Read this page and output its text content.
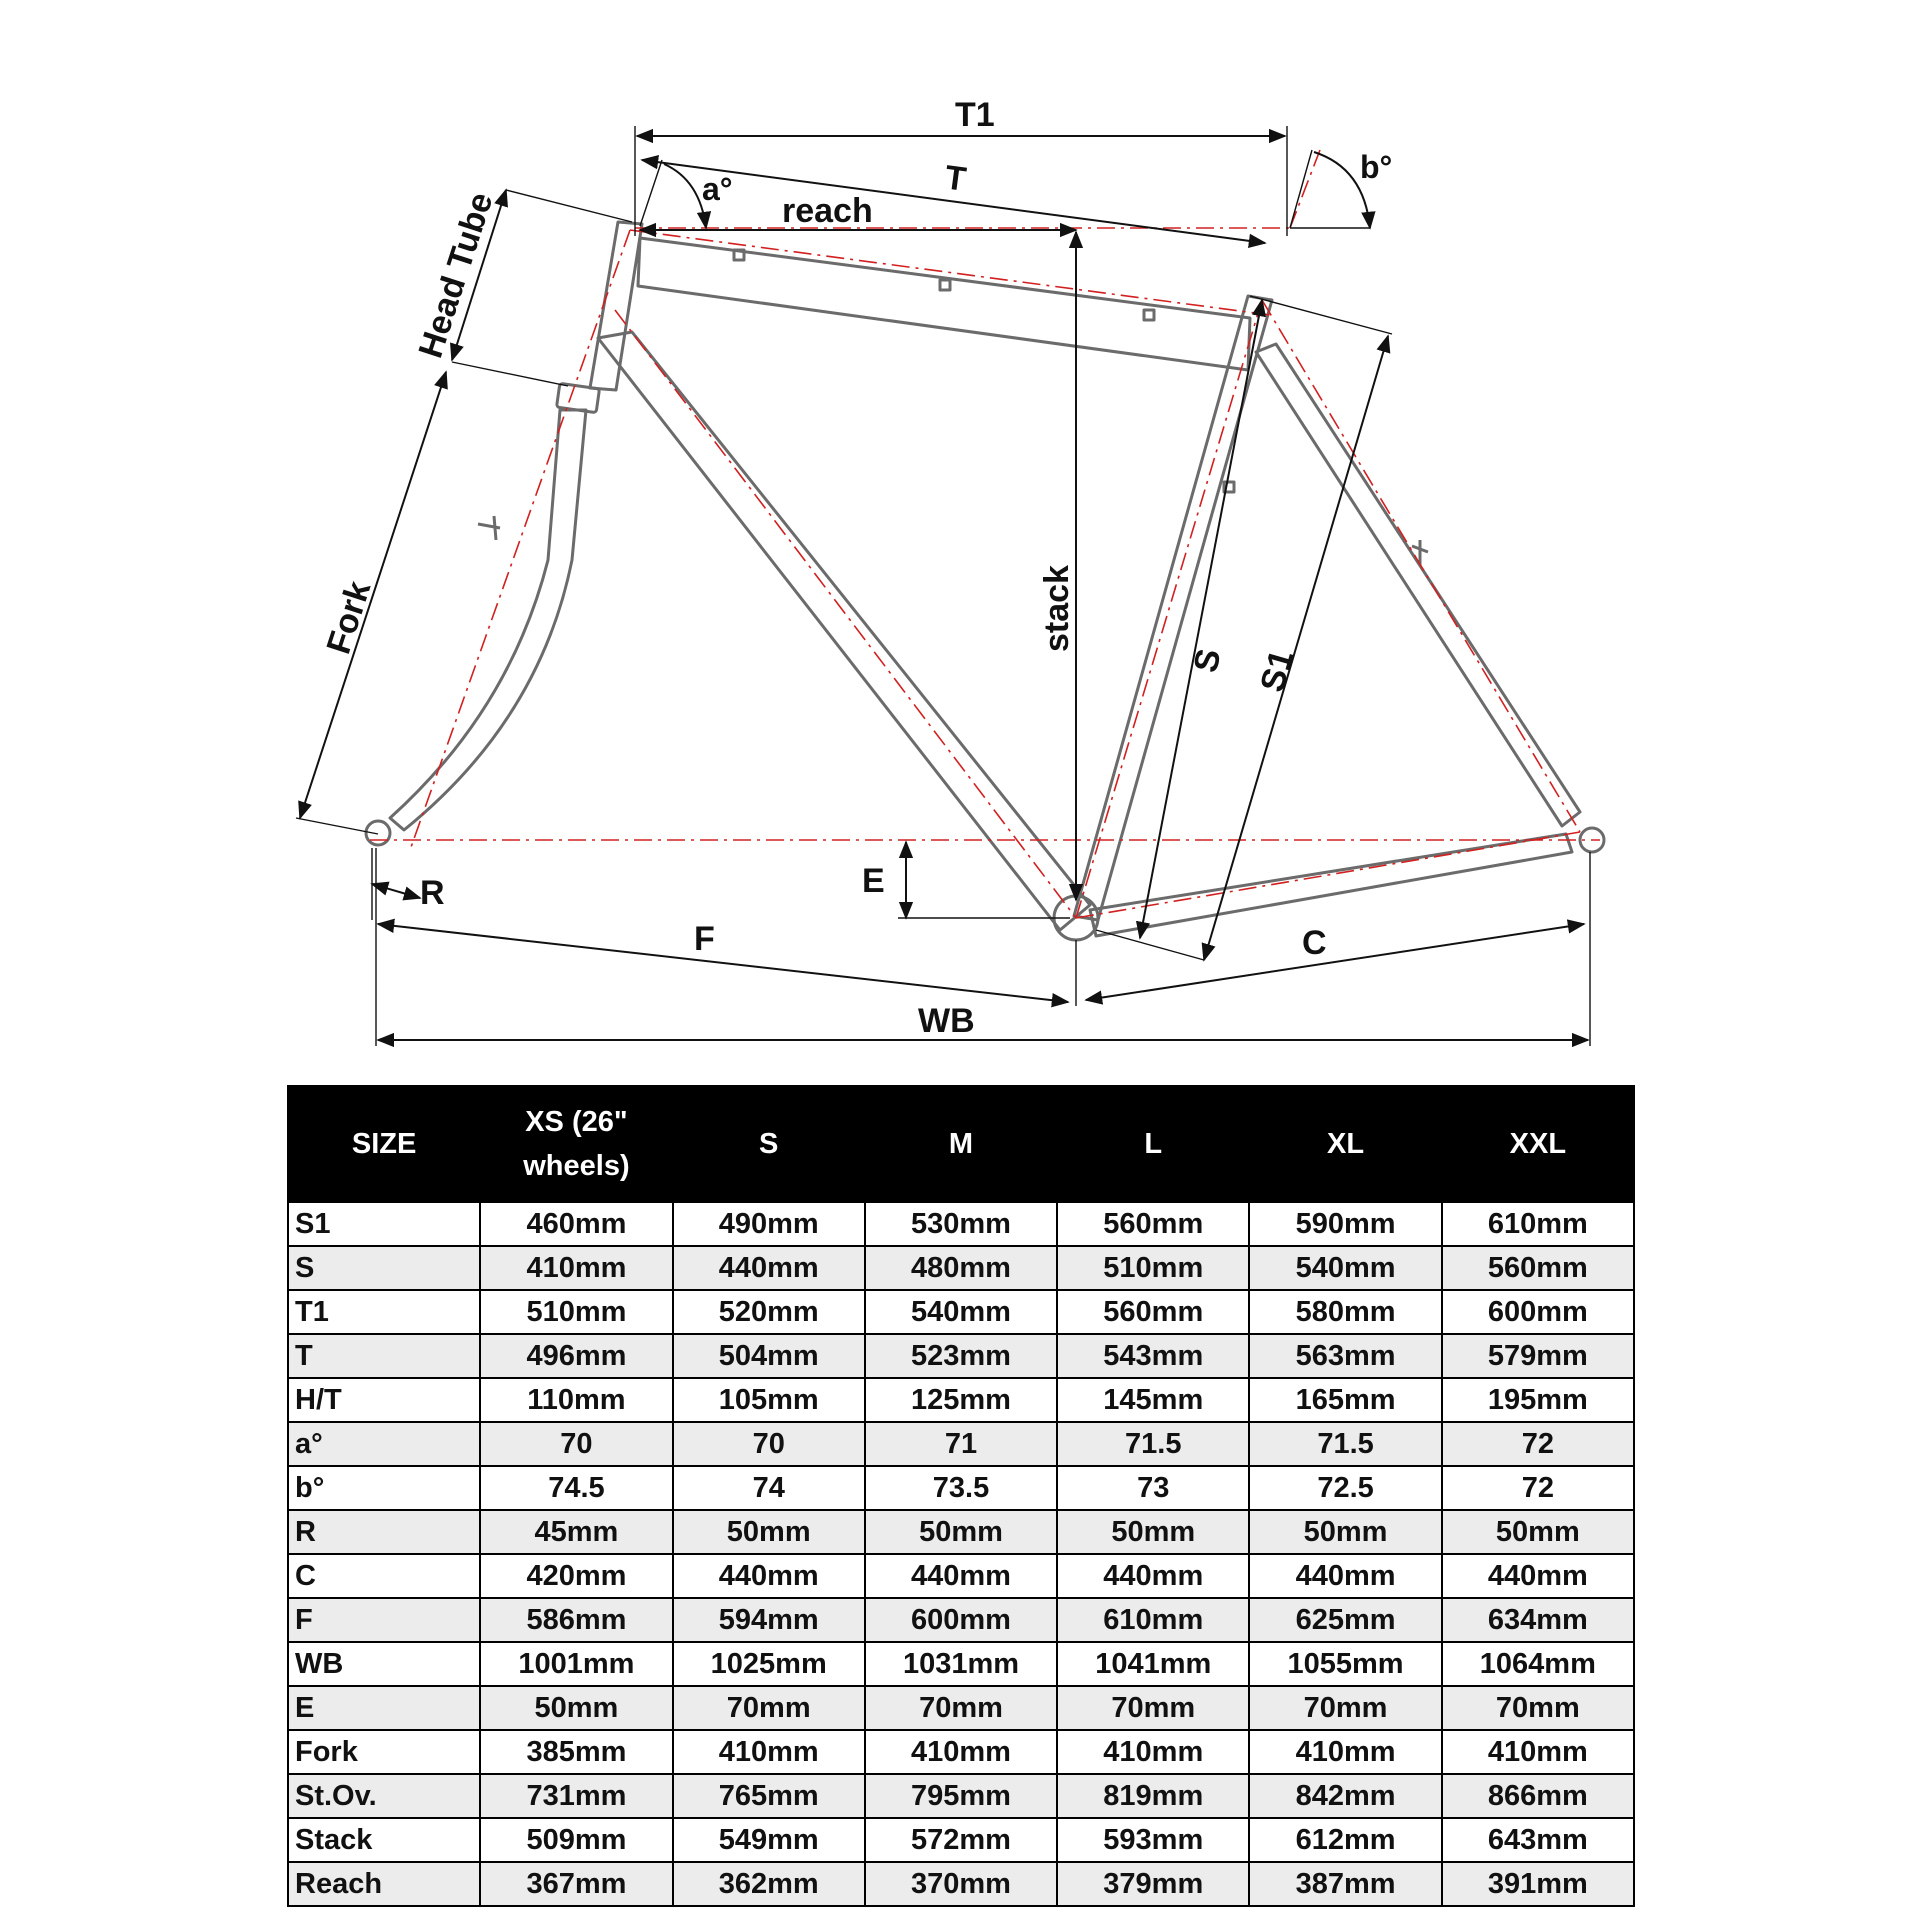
T1
T
reach
a°
b°
Head Tube
Fork	stack
S S1
R	E
F	C
WB
SIZE	XS (26" wheels)	S	M	L	XL	XXL
S1	460mm	490mm	530mm	560mm	590mm	610mm
S	410mm	440mm	480mm	510mm	540mm	560mm
T1	510mm	520mm	540mm	560mm	580mm	600mm
T	496mm	504mm	523mm	543mm	563mm	579mm
H/T	110mm	105mm	125mm	145mm	165mm	195mm
a°	70	70	71	71.5	71.5	72
b°	74.5	74	73.5	73	72.5	72
R	45mm	50mm	50mm	50mm	50mm	50mm
C	420mm	440mm	440mm	440mm	440mm	440mm
F	586mm	594mm	600mm	610mm	625mm	634mm
WB	1001mm	1025mm	1031mm	1041mm	1055mm	1064mm
E	50mm	70mm	70mm	70mm	70mm	70mm
Fork	385mm	410mm	410mm	410mm	410mm	410mm
St.Ov.	731mm	765mm	795mm	819mm	842mm	866mm
Stack	509mm	549mm	572mm	593mm	612mm	643mm
Reach	367mm	362mm	370mm	379mm	387mm	391mm
